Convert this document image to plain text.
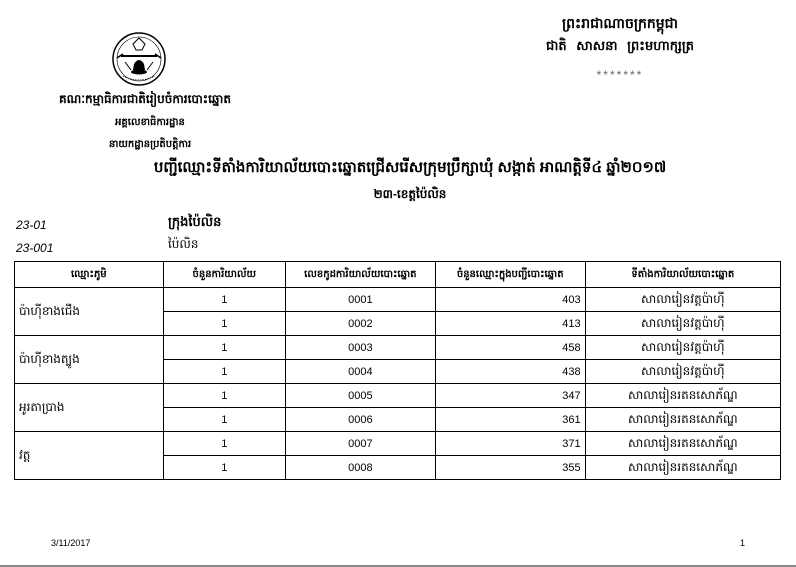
គណៈកម្មាធិការជាតិរៀបចំការបោះឆ្នោត
អគ្គលេខាធិការដ្ឋាន
នាយកដ្ឋានប្រតិបត្តិការ
ព្រះរាជាណាចក្រកម្ពុជា
ជាតិ សាសនា ព្រះមហាក្សត្រ
*******
បញ្ជីឈ្មោះទីតាំងការិយាល័យបោះឆ្នោតជ្រើសរើសក្រុមប្រឹក្សាឃុំ សង្កាត់ អាណត្តិទី៤ ឆ្នាំ២០១៧
២៣-ខេត្តប៉ៃលិន
23-01	ក្រុងប៉ៃលិន
23-001	ប៉ៃលិន
ឈ្មោះភូមិ	ចំនួនការិយាល័យ	លេខកូដការិយាល័យបោះឆ្នោត	ចំនួនឈ្មោះក្នុងបញ្ជីបោះឆ្នោត	ទីតាំងការិយាល័យបោះឆ្នោត
ប៉ាហ៊ីខាងជើង	1	0001	403	សាលារៀនវត្តប៉ាហ៊ី
	1	0002	413	សាលារៀនវត្តប៉ាហ៊ី
ប៉ាហ៊ីខាងត្បូង	1	0003	458	សាលារៀនវត្តប៉ាហ៊ី
	1	0004	438	សាលារៀនវត្តប៉ាហ៊ី
អូរតាប្រាង	1	0005	347	សាលារៀនរតនសោភ័ណ្ឌ
	1	0006	361	សាលារៀនរតនសោភ័ណ្ឌ
វត្ត	1	0007	371	សាលារៀនរតនសោភ័ណ្ឌ
	1	0008	355	សាលារៀនរតនសោភ័ណ្ឌ
3/11/2017	1
